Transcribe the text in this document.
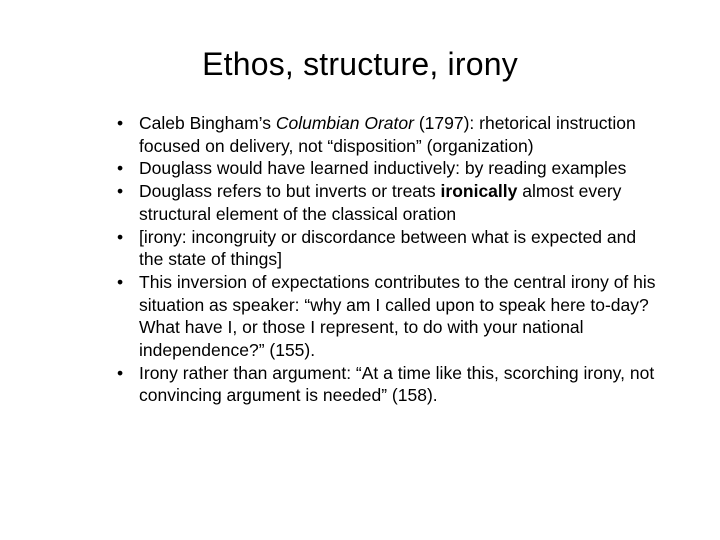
Ethos, structure, irony
• Caleb Bingham’s Columbian Orator (1797): rhetorical instruction focused on delivery, not “disposition” (organization)
• Douglass would have learned inductively: by reading examples
• Douglass refers to but inverts or treats ironically almost every structural element of the classical oration
• [irony: incongruity or discordance between what is expected and the state of things]
• This inversion of expectations contributes to the central irony of his situation as speaker: “why am I called upon to speak here to-day? What have I, or those I represent, to do with your national independence?” (155).
• Irony rather than argument: “At a time like this, scorching irony, not convincing argument is needed” (158).
